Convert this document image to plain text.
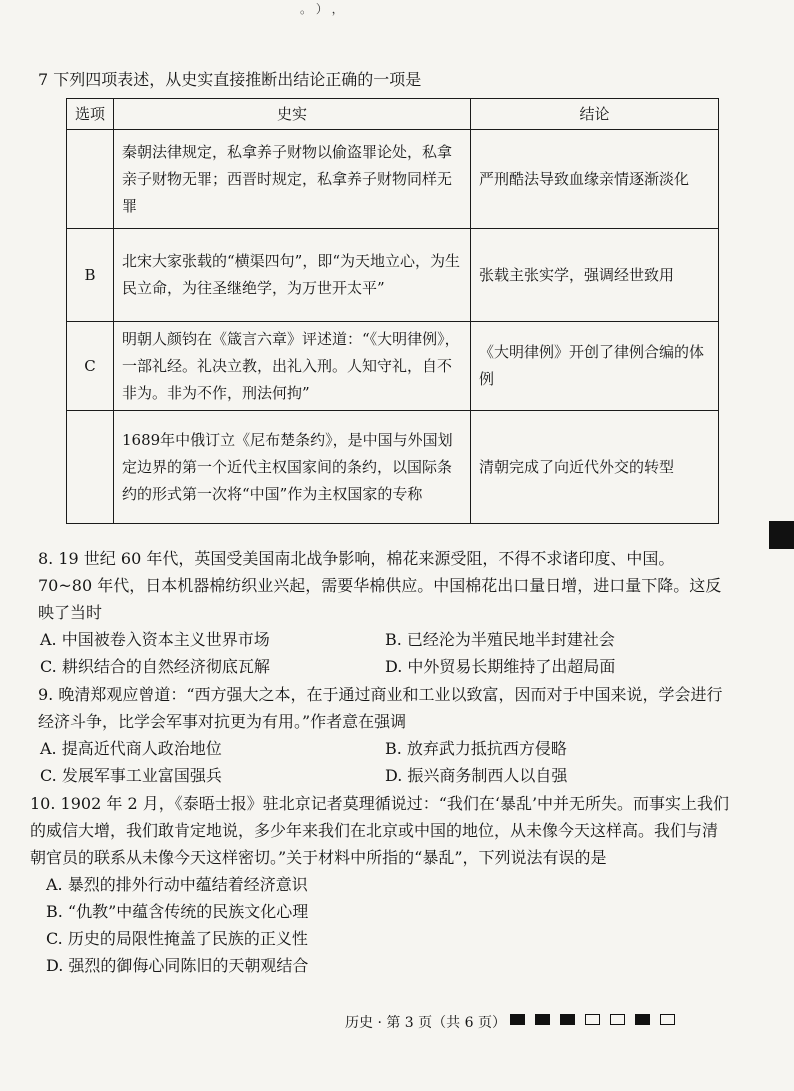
。 ） ，
7 下列四项表述，从史实直接推断出结论正确的一项是
选项	史实	结论
	秦朝法律规定，私拿养子财物以偷盗罪论处，私拿亲子财物无罪；西晋时规定，私拿养子财物同样无罪	严刑酷法导致血缘亲情逐渐淡化
B	北宋大家张载的“横渠四句”，即“为天地立心，为生民立命，为往圣继绝学，为万世开太平”	张载主张实学，强调经世致用
C	明朝人颜钧在《箴言六章》评述道：“《大明律例》，一部礼经。礼决立教，出礼入刑。人知守礼，自不非为。非为不作，刑法何拘”	《大明律例》开创了律例合编的体例
	1689年中俄订立《尼布楚条约》，是中国与外国划定边界的第一个近代主权国家间的条约，以国际条约的形式第一次将“中国”作为主权国家的专称	清朝完成了向近代外交的转型
8. 19 世纪 60 年代，英国受美国南北战争影响，棉花来源受阻，不得不求诸印度、中国。70~80 年代，日本机器棉纺织业兴起，需要华棉供应。中国棉花出口量日增，进口量下降。这反映了当时
A. 中国被卷入资本主义世界市场	B. 已经沦为半殖民地半封建社会
C. 耕织结合的自然经济彻底瓦解	D. 中外贸易长期维持了出超局面
9. 晚清郑观应曾道：“西方强大之本，在于通过商业和工业以致富，因而对于中国来说，学会进行经济斗争，比学会军事对抗更为有用。”作者意在强调
A. 提高近代商人政治地位	B. 放弃武力抵抗西方侵略
C. 发展军事工业富国强兵	D. 振兴商务制西人以自强
10. 1902 年 2 月，《泰晤士报》驻北京记者莫理循说过：“我们在‘暴乱’中并无所失。而事实上我们的威信大增，我们敢肯定地说，多少年来我们在北京或中国的地位，从未像今天这样高。我们与清朝官员的联系从未像今天这样密切。”关于材料中所指的“暴乱”，下列说法有误的是
A. 暴烈的排外行动中蕴结着经济意识
B. “仇教”中蕴含传统的民族文化心理
C. 历史的局限性掩盖了民族的正义性
D. 强烈的御侮心同陈旧的天朝观结合
历史 · 第 3 页（共 6 页）
